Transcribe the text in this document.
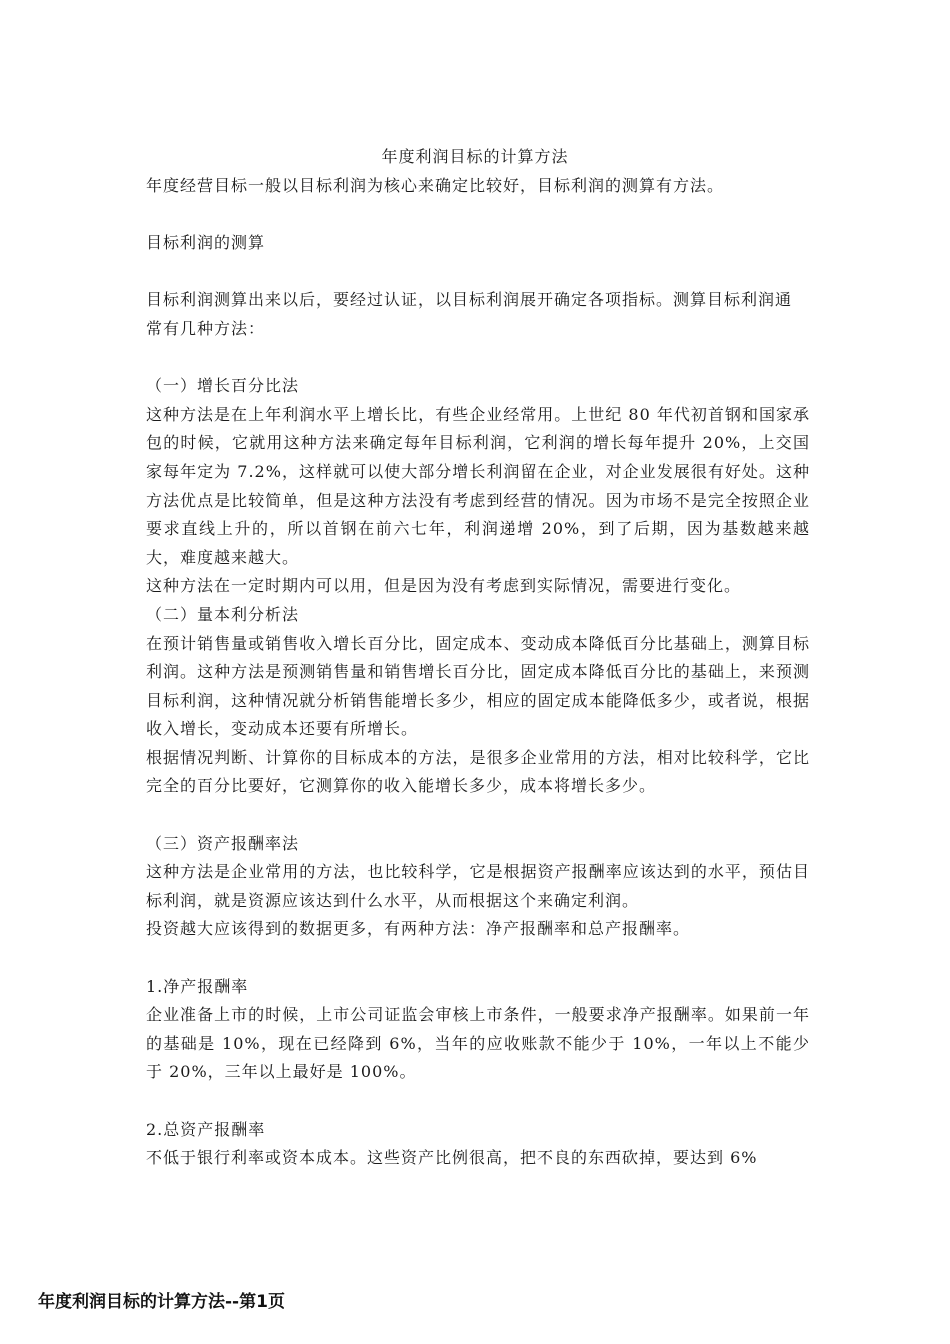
年度利润目标的计算方法

年度经营目标一般以目标利润为核心来确定比较好，目标利润的测算有方法。

目标利润的测算

目标利润测算出来以后，要经过认证，以目标利润展开确定各项指标。测算目标利润通

常有几种方法：

（一）增长百分比法

这种方法是在上年利润水平上增长比，有些企业经常用。上世纪 80 年代初首钢和国家承包的时候，它就用这种方法来确定每年目标利润，它利润的增长每年提升 20%，上交国家每年定为 7.2%，这样就可以使大部分增长利润留在企业，对企业发展很有好处。这种方法优点是比较简单，但是这种方法没有考虑到经营的情况。因为市场不是完全按照企业要求直线上升的，所以首钢在前六七年，利润递增 20%，到了后期，因为基数越来越大，难度越来越大。

这种方法在一定时期内可以用，但是因为没有考虑到实际情况，需要进行变化。

（二）量本利分析法

在预计销售量或销售收入增长百分比，固定成本、变动成本降低百分比基础上，测算目标利润。这种方法是预测销售量和销售增长百分比，固定成本降低百分比的基础上，来预测目标利润，这种情况就分析销售能增长多少，相应的固定成本能降低多少，或者说，根据收入增长，变动成本还要有所增长。

根据情况判断、计算你的目标成本的方法，是很多企业常用的方法，相对比较科学，它比完全的百分比要好，它测算你的收入能增长多少，成本将增长多少。

（三）资产报酬率法

这种方法是企业常用的方法，也比较科学，它是根据资产报酬率应该达到的水平，预估目标利润，就是资源应该达到什么水平，从而根据这个来确定利润。

投资越大应该得到的数据更多，有两种方法：净产报酬率和总产报酬率。

1.净产报酬率

企业准备上市的时候，上市公司证监会审核上市条件，一般要求净产报酬率。如果前一年的基础是 10%，现在已经降到 6%，当年的应收账款不能少于 10%，一年以上不能少于 20%，三年以上最好是 100%。

2.总资产报酬率

不低于银行利率或资本成本。这些资产比例很高，把不良的东西砍掉，要达到 6%

年度利润目标的计算方法--第1页
